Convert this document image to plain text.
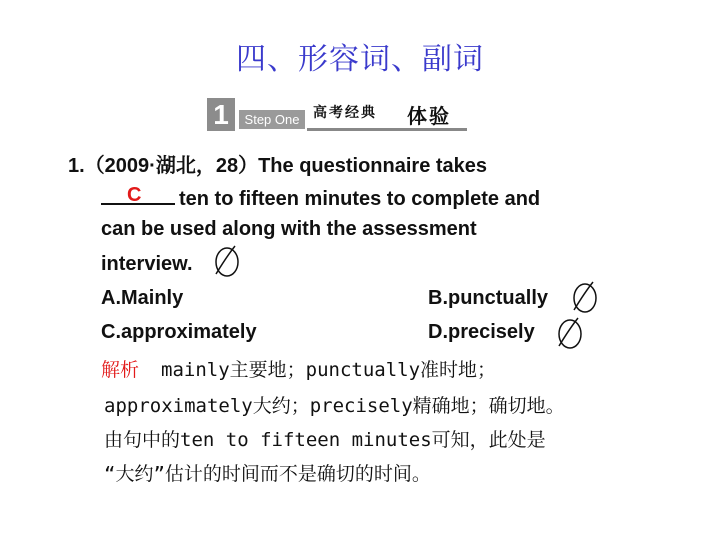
四、形容词、副词
1	Step One 高考经典 体验
1.（2009·湖北，28）The questionnaire takes
ten to fifteen minutes to complete and
C
can be used along with the assessment
interview.
A.Mainly	B.punctually
C.approximately	D.precisely
解析 mainly主要地；punctually准时地；
approximately大约；precisely精确地；确切地。
由句中的ten to fifteen minutes可知，此处是
“大约”估计的时间而不是确切的时间。
